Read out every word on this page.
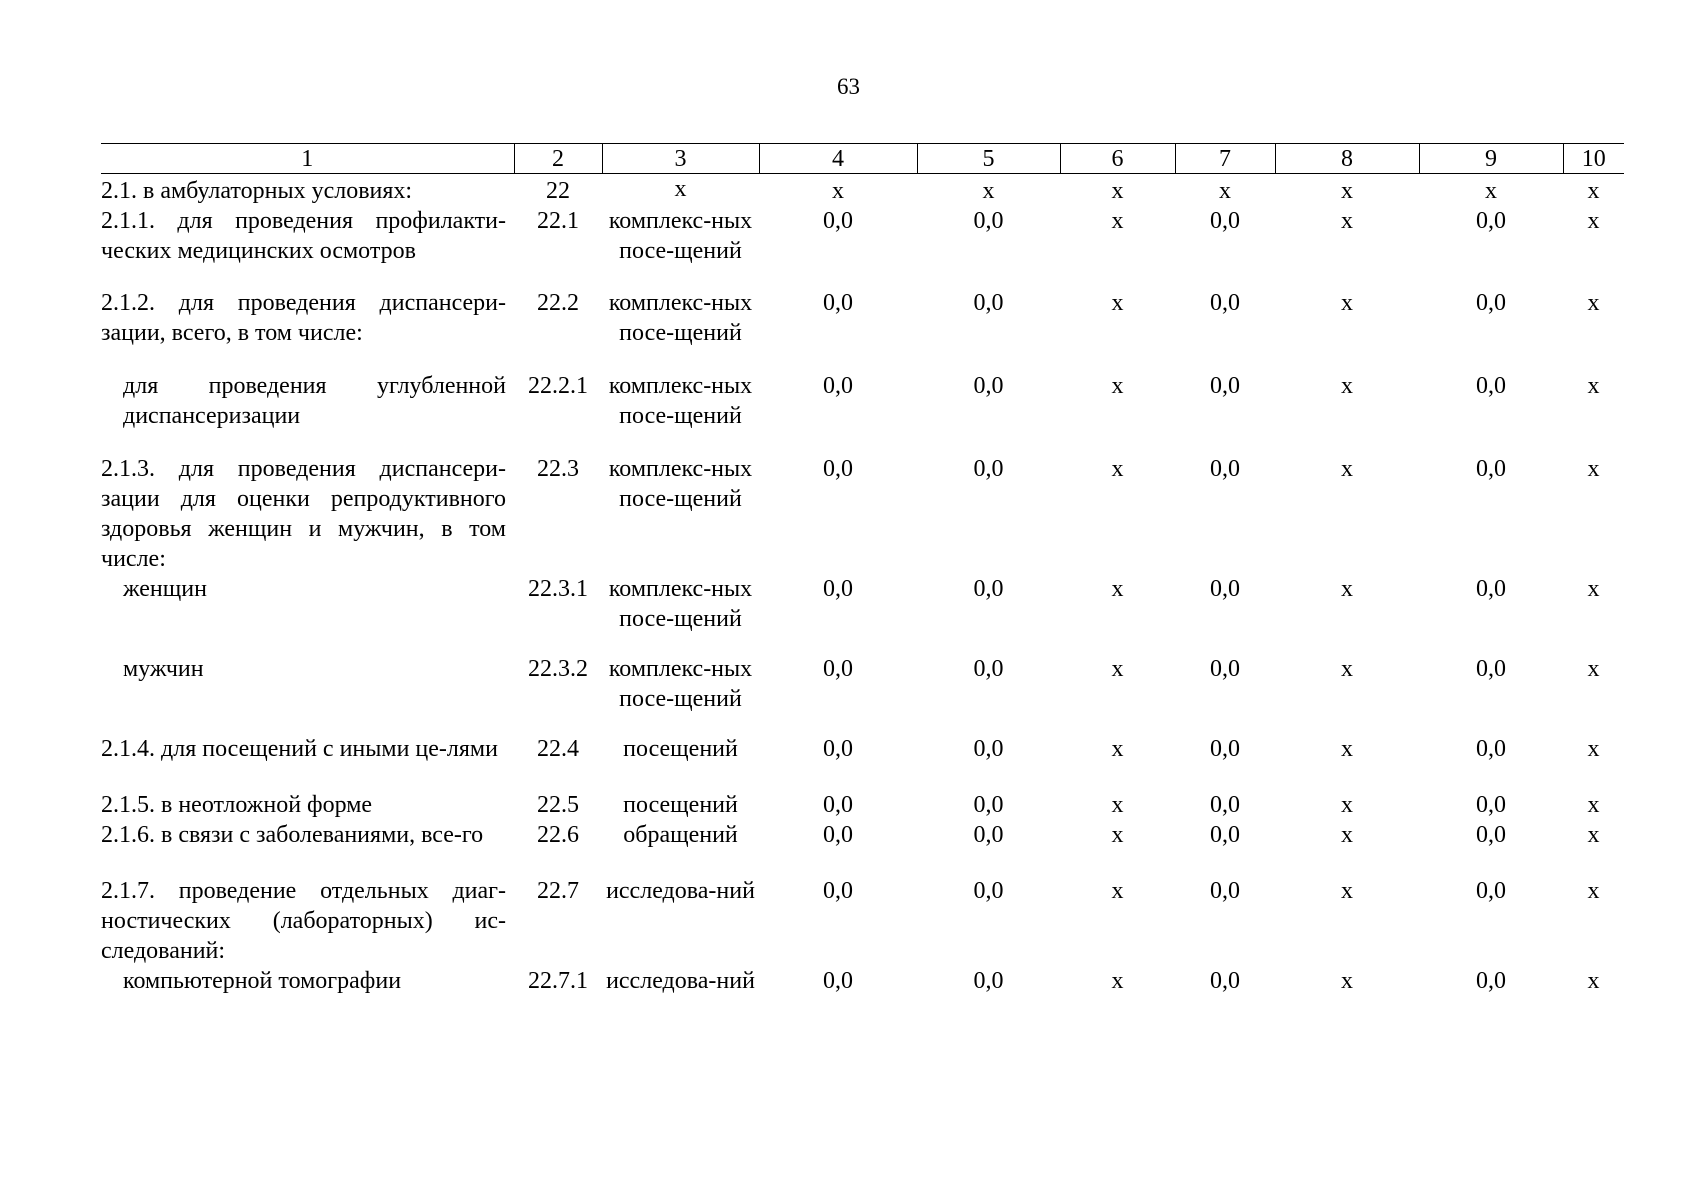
63
1	2	3	4	5	6	7	8	9	10
2.1. в амбулаторных условиях:	22	х	х	х	х	х	х	х	х
2.1.1. для проведения профилакти-ческих медицинских осмотров	22.1	комплекс-ных посе-щений	0,0	0,0	х	0,0	х	0,0	х
2.1.2. для проведения диспансери-зации, всего, в том числе:	22.2	комплекс-ных посе-щений	0,0	0,0	х	0,0	х	0,0	х
для проведения углубленной диспансеризации	22.2.1	комплекс-ных посе-щений	0,0	0,0	х	0,0	х	0,0	х
2.1.3. для проведения диспансери-зации для оценки репродуктивного здоровья женщин и мужчин, в том числе:	22.3	комплекс-ных посе-щений	0,0	0,0	х	0,0	х	0,0	х
женщин	22.3.1	комплекс-ных посе-щений	0,0	0,0	х	0,0	х	0,0	х
мужчин	22.3.2	комплекс-ных посе-щений	0,0	0,0	х	0,0	х	0,0	х
2.1.4. для посещений с иными це-лями	22.4	посещений	0,0	0,0	х	0,0	х	0,0	х
2.1.5. в неотложной форме	22.5	посещений	0,0	0,0	х	0,0	х	0,0	х
2.1.6. в связи с заболеваниями, все-го	22.6	обращений	0,0	0,0	х	0,0	х	0,0	х
2.1.7. проведение отдельных диаг-ностических (лабораторных) ис-следований:	22.7	исследова-ний	0,0	0,0	х	0,0	х	0,0	х
компьютерной томографии	22.7.1	исследова-ний	0,0	0,0	х	0,0	х	0,0	х
